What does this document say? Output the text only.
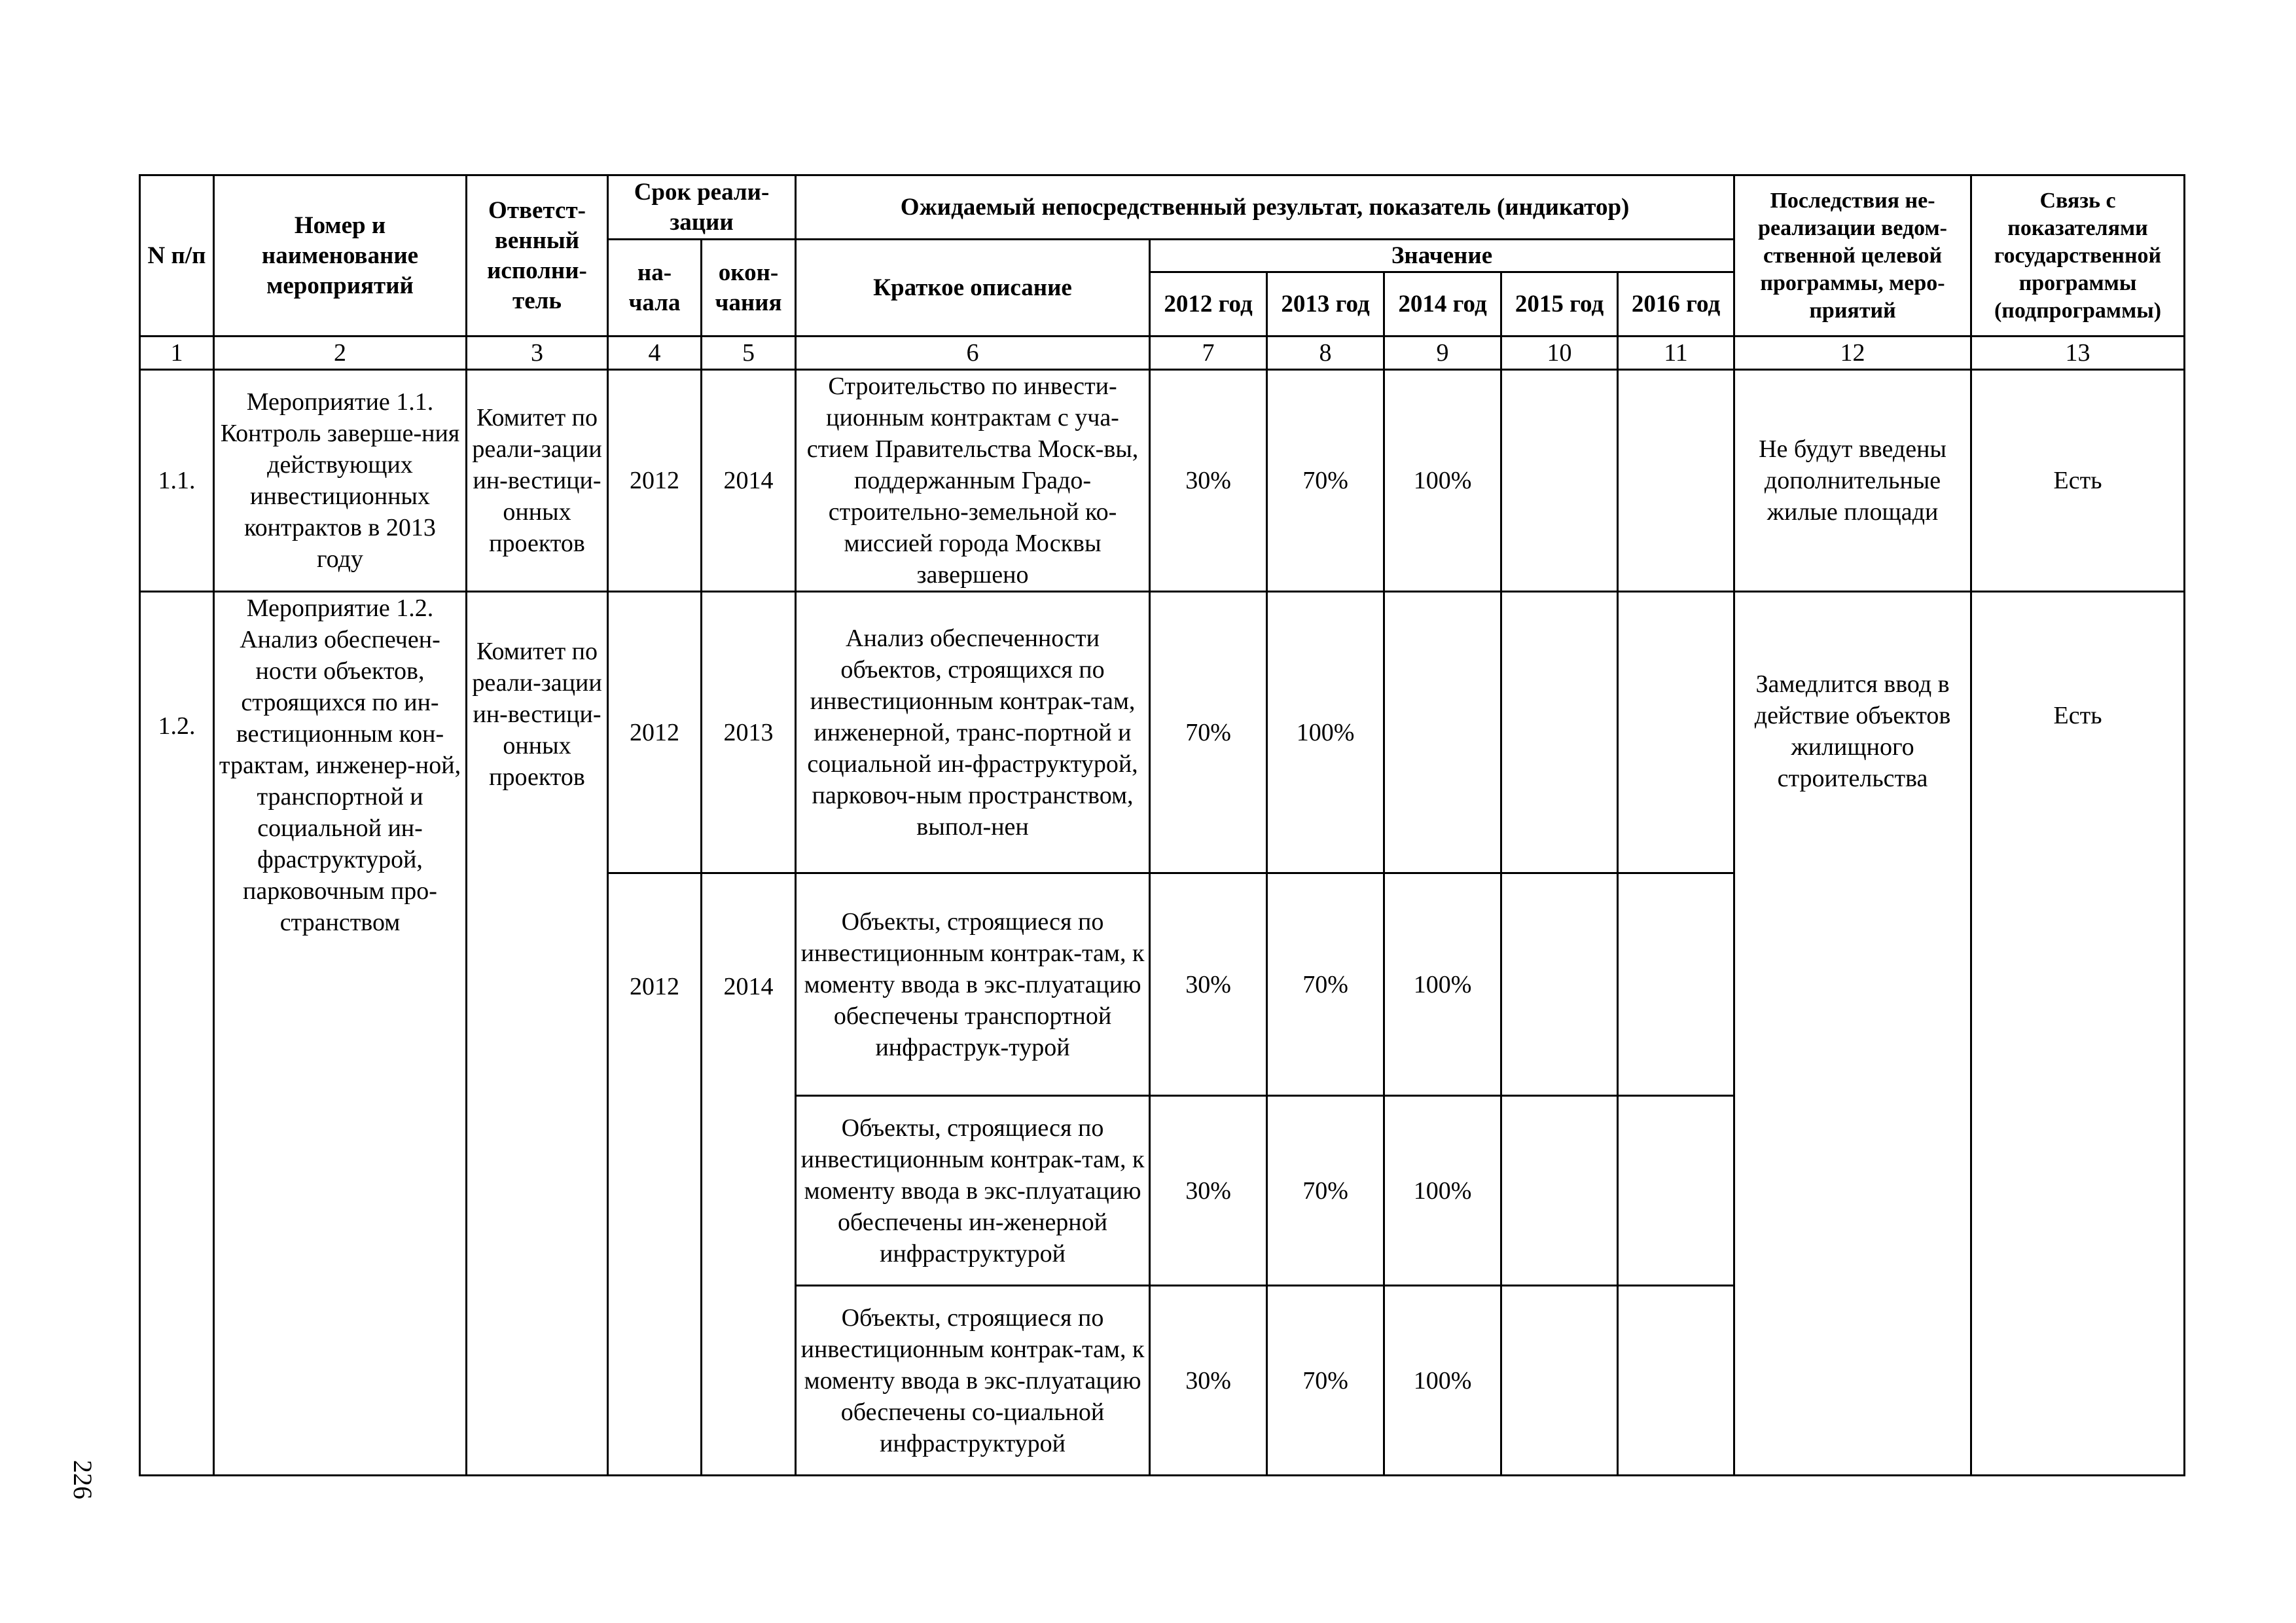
226
N п/п	Номер и наименование мероприятий	Ответст-венный исполни-тель	Срок реали-зации		Ожидаемый непосредственный результат, показатель (индикатор)						Последствия не-реализации ведом-ственной целевой программы, меро-приятий	Связь с показателями государственной программы (подпрограммы)
			на-чала	окон-чания	Краткое описание	Значение						
						2012 год	2013 год	2014 год	2015 год	2016 год		
1	2	3	4	5	6	7	8	9	10	11	12	13
1.1.	Мероприятие 1.1. Контроль заверше-ния действующих инвестиционных контрактов в 2013 году	Комитет по реали-зации ин-вестици-онных проектов	2012	2014	Строительство по инвести-ционным контрактам с уча-стием Правительства Моск-вы, поддержанным Градо-строительно-земельной ко-миссией города Москвы завершено	30%	70%	100%			Не будут введены дополнительные жилые площади	Есть
1.2.	Мероприятие 1.2. Анализ обеспечен-ности объектов, строящихся по ин-вестиционным кон-трактам, инженер-ной, транспортной и социальной ин-фраструктурой, парковочным про-странством	Комитет по реали-зации ин-вестици-онных проектов	2012	2013	Анализ обеспеченности объектов, строящихся по инвестиционным контрак-там, инженерной, транс-портной и социальной ин-фраструктурой, парковоч-ным пространством, выпол-нен	70%	100%				Замедлится ввод в действие объектов жилищного строительства	Есть
			2012	2014	Объекты, строящиеся по инвестиционным контрак-там, к моменту ввода в экс-плуатацию обеспечены транспортной инфраструк-турой	30%	70%	100%				
					Объекты, строящиеся по инвестиционным контрак-там, к моменту ввода в экс-плуатацию обеспечены ин-женерной инфраструктурой	30%	70%	100%				
					Объекты, строящиеся по инвестиционным контрак-там, к моменту ввода в экс-плуатацию обеспечены со-циальной инфраструктурой	30%	70%	100%				
